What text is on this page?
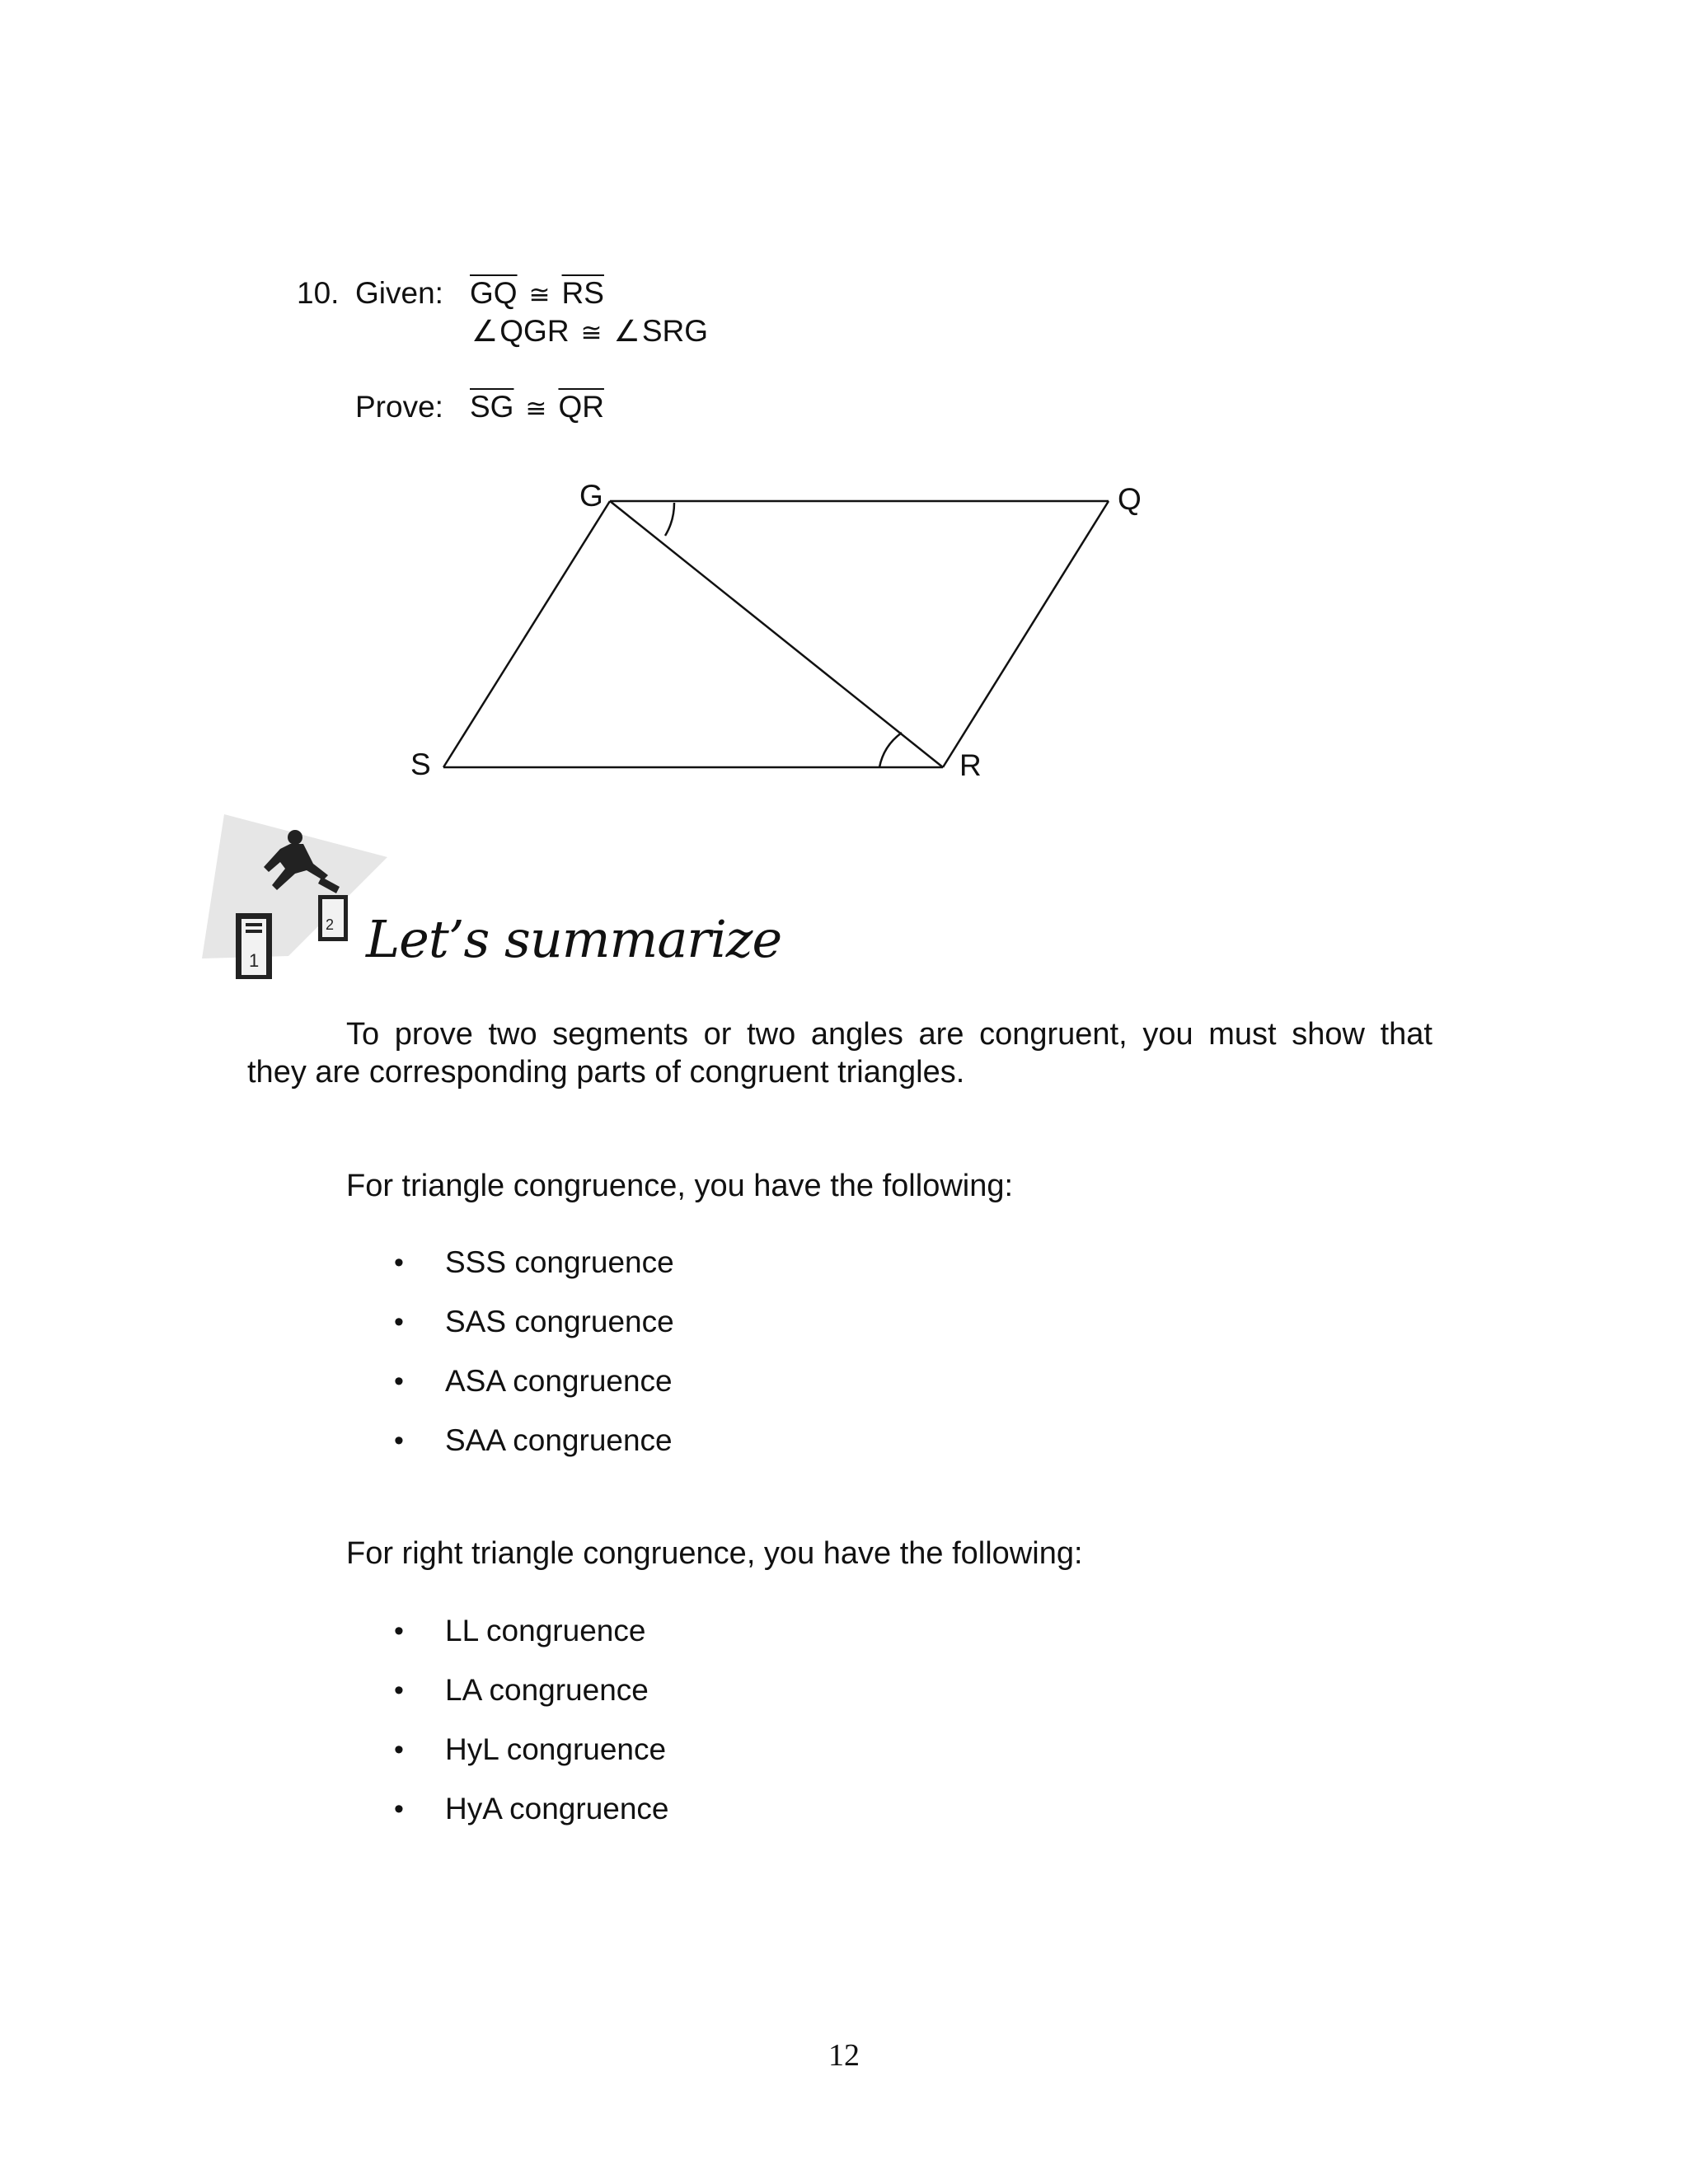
10. Given: $\overline{GQ}$ ≅ $\overline{RS}$
∠QGR ≅ ∠SRG
Prove: $\overline{SG}$ ≅ $\overline{QR}$
G	Q
S	R
1
2 Let’s summarize
To prove two segments or two angles are congruent, you must show that
they are corresponding parts of congruent triangles.
For triangle congruence, you have the following:
•	SSS congruence
•	SAS congruence
•	ASA congruence
•	SAA congruence
For right triangle congruence, you have the following:
•	LL congruence
•	LA congruence
•	HyL congruence
•	HyA congruence
12
